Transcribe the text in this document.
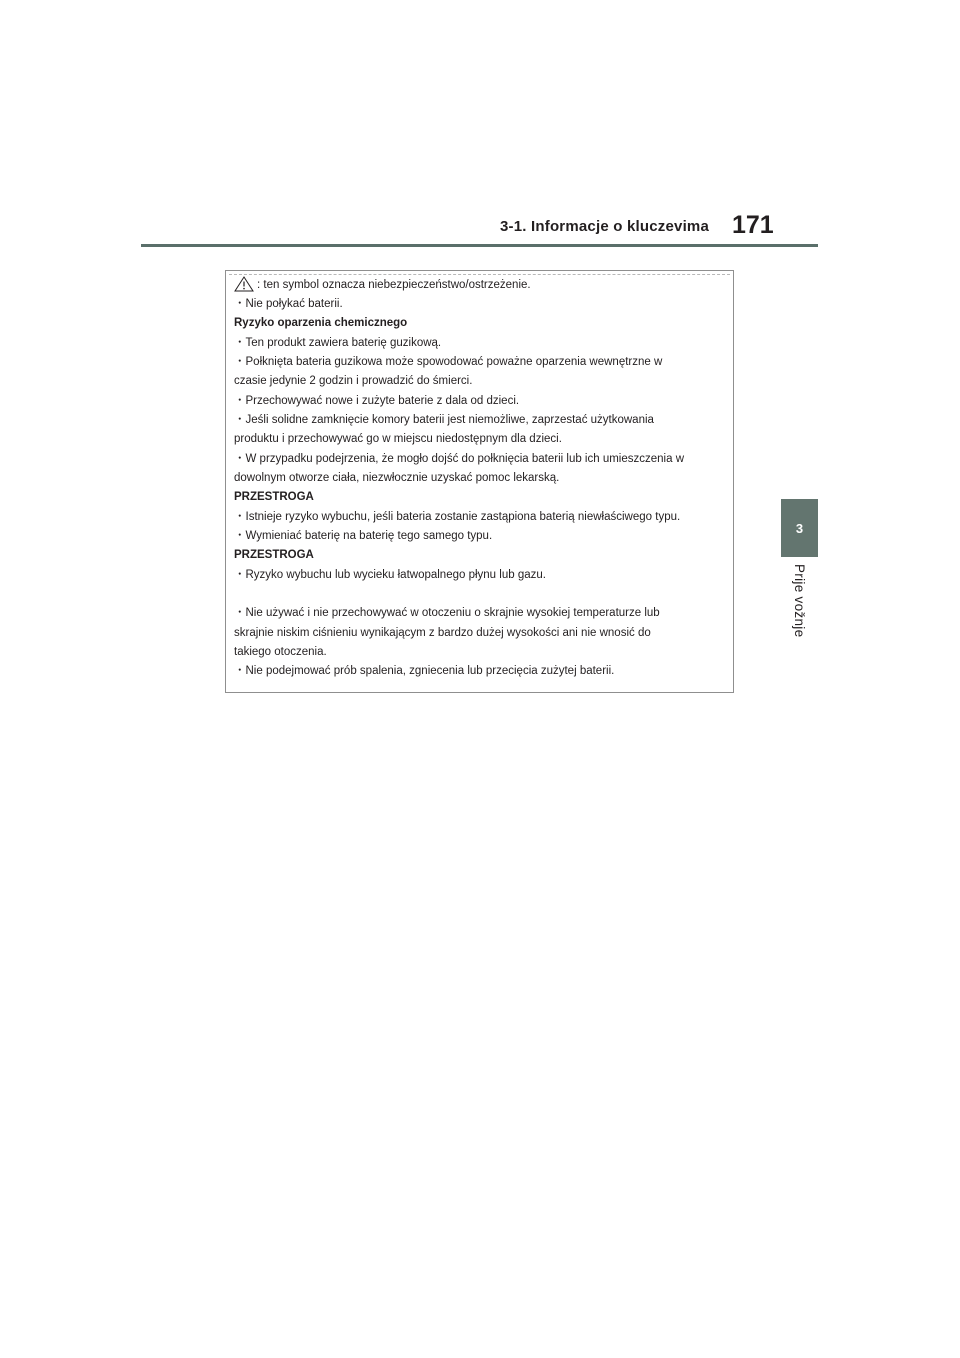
3-1. Informacje o kluczevima 171
3
Prije vožnje
: ten symbol oznacza niebezpieczeństwo/ostrzeżenie.
・Nie połykać baterii.
Ryzyko oparzenia chemicznego
・Ten produkt zawiera baterię guzikową.
・Połknięta bateria guzikowa może spowodować poważne oparzenia wewnętrzne w
czasie jedynie 2 godzin i prowadzić do śmierci.
・Przechowywać nowe i zużyte baterie z dala od dzieci.
・Jeśli solidne zamknięcie komory baterii jest niemożliwe, zaprzestać użytkowania
produktu i przechowywać go w miejscu niedostępnym dla dzieci.
・W przypadku podejrzenia, że mogło dojść do połknięcia baterii lub ich umieszczenia w
dowolnym otworze ciała, niezwłocznie uzyskać pomoc lekarską.
PRZESTROGA
・Istnieje ryzyko wybuchu, jeśli bateria zostanie zastąpiona baterią niewłaściwego typu.
・Wymieniać baterię na baterię tego samego typu.
PRZESTROGA
・Ryzyko wybuchu lub wycieku łatwopalnego płynu lub gazu.
・Nie używać i nie przechowywać w otoczeniu o skrajnie wysokiej temperaturze lub
skrajnie niskim ciśnieniu wynikającym z bardzo dużej wysokości ani nie wnosić do
takiego otoczenia.
・Nie podejmować prób spalenia, zgniecenia lub przecięcia zużytej baterii.
